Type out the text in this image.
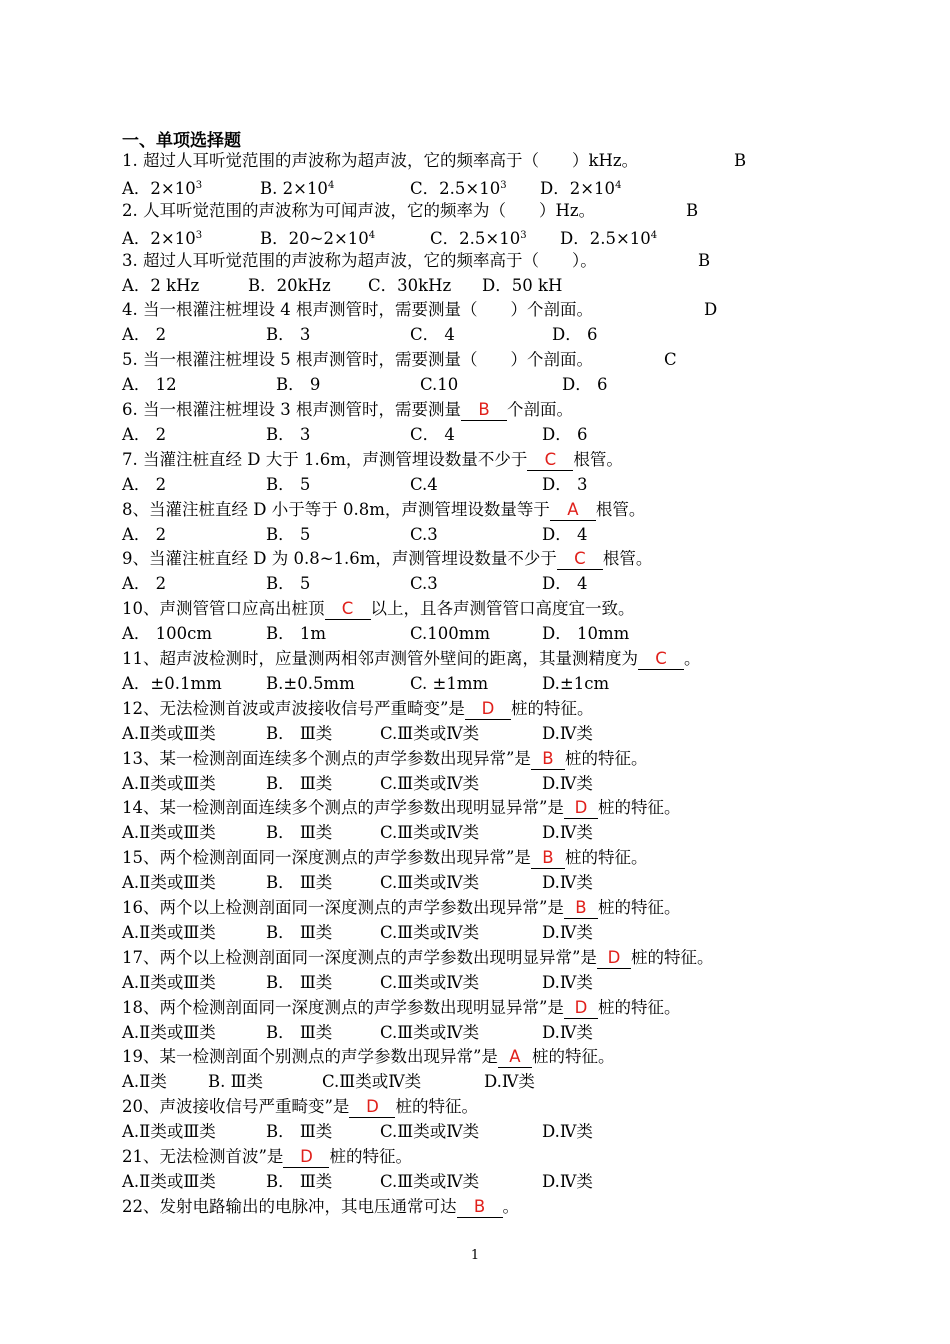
一、单项选择题
1. 超过人耳听觉范围的声波称为超声波，它的频率高于（　　）kHz。	B
A．$2\times 10^3$	B. $2\times 10^4$	C．$2.5\times 10^3$ D．$2\times 10^4$
2. 人耳听觉范围的声波称为可闻声波，它的频率为（　　）Hz。	B
A．$2\times 10^3$	B．$20\sim 2\times 10^4$	C．$2.5\times 10^3$ D．$2.5\times 10^4$
3. 超过人耳听觉范围的声波称为超声波，它的频率高于（　　）。	B
A．2 kHz	B．20kHz C．30kHz D．50 kH
4. 当一根灌注桩埋设 4 根声测管时，需要测量（　　）个剖面。	D
A． 2	B． 3	C． 4	D． 6
5. 当一根灌注桩埋设 5 根声测管时，需要测量（　　）个剖面。	C
A． 12	B． 9	C.10	D． 6
6. 当一根灌注桩埋设 3 根声测管时，需要测量 B 个剖面。
A． 2	B． 3	C． 4	D． 6
7. 当灌注桩直经 D 大于 1.6m，声测管埋设数量不少于 C 根管。
A． 2	B． 5	C.4	D． 3
8、当灌注桩直经 D 小于等于 0.8m，声测管埋设数量等于 A 根管。
A． 2	B． 5	C.3	D． 4
9、当灌注桩直经 D 为 0.8~1.6m，声测管埋设数量不少于 C 根管。
A． 2	B． 5	C.3	D． 4
10、声测管管口应高出桩顶 C 以上，且各声测管管口高度宜一致。
A． 100cm	B． 1m	C.100mm	D． 10mm
11、超声波检测时，应量测两相邻声测管外壁间的距离，其量测精度为 C 。
A．±0.1mm	B.±0.5mm	C. ±1mm	D.±1cm
12、无法检测首波或声波接收信号严重畸变”是 D 桩的特征。
A.Ⅱ类或Ⅲ类	B． Ⅲ类	C.Ⅲ类或Ⅳ类	D.Ⅳ类
13、某一检测剖面连续多个测点的声学参数出现异常”是 B 桩的特征。
A.Ⅱ类或Ⅲ类	B． Ⅲ类	C.Ⅲ类或Ⅳ类	D.Ⅳ类
14、某一检测剖面连续多个测点的声学参数出现明显异常”是 D 桩的特征。
A.Ⅱ类或Ⅲ类	B． Ⅲ类	C.Ⅲ类或Ⅳ类	D.Ⅳ类
15、两个检测剖面同一深度测点的声学参数出现异常”是 B 桩的特征。
A.Ⅱ类或Ⅲ类	B． Ⅲ类	C.Ⅲ类或Ⅳ类	D.Ⅳ类
16、两个以上检测剖面同一深度测点的声学参数出现异常”是 B 桩的特征。
A.Ⅱ类或Ⅲ类	B． Ⅲ类	C.Ⅲ类或Ⅳ类	D.Ⅳ类
17、两个以上检测剖面同一深度测点的声学参数出现明显异常”是 D 桩的特征。
A.Ⅱ类或Ⅲ类	B． Ⅲ类	C.Ⅲ类或Ⅳ类	D.Ⅳ类
18、两个检测剖面同一深度测点的声学参数出现明显异常”是 D 桩的特征。
A.Ⅱ类或Ⅲ类	B． Ⅲ类	C.Ⅲ类或Ⅳ类	D.Ⅳ类
19、某一检测剖面个别测点的声学参数出现异常”是 A 桩的特征。
A.Ⅱ类 B. Ⅲ类	C.Ⅲ类或Ⅳ类	D.Ⅳ类
20、声波接收信号严重畸变”是 D 桩的特征。
A.Ⅱ类或Ⅲ类	B． Ⅲ类	C.Ⅲ类或Ⅳ类	D.Ⅳ类
21、无法检测首波”是 D 桩的特征。
A.Ⅱ类或Ⅲ类	B． Ⅲ类	C.Ⅲ类或Ⅳ类	D.Ⅳ类
22、发射电路输出的电脉冲，其电压通常可达 B 。
1
